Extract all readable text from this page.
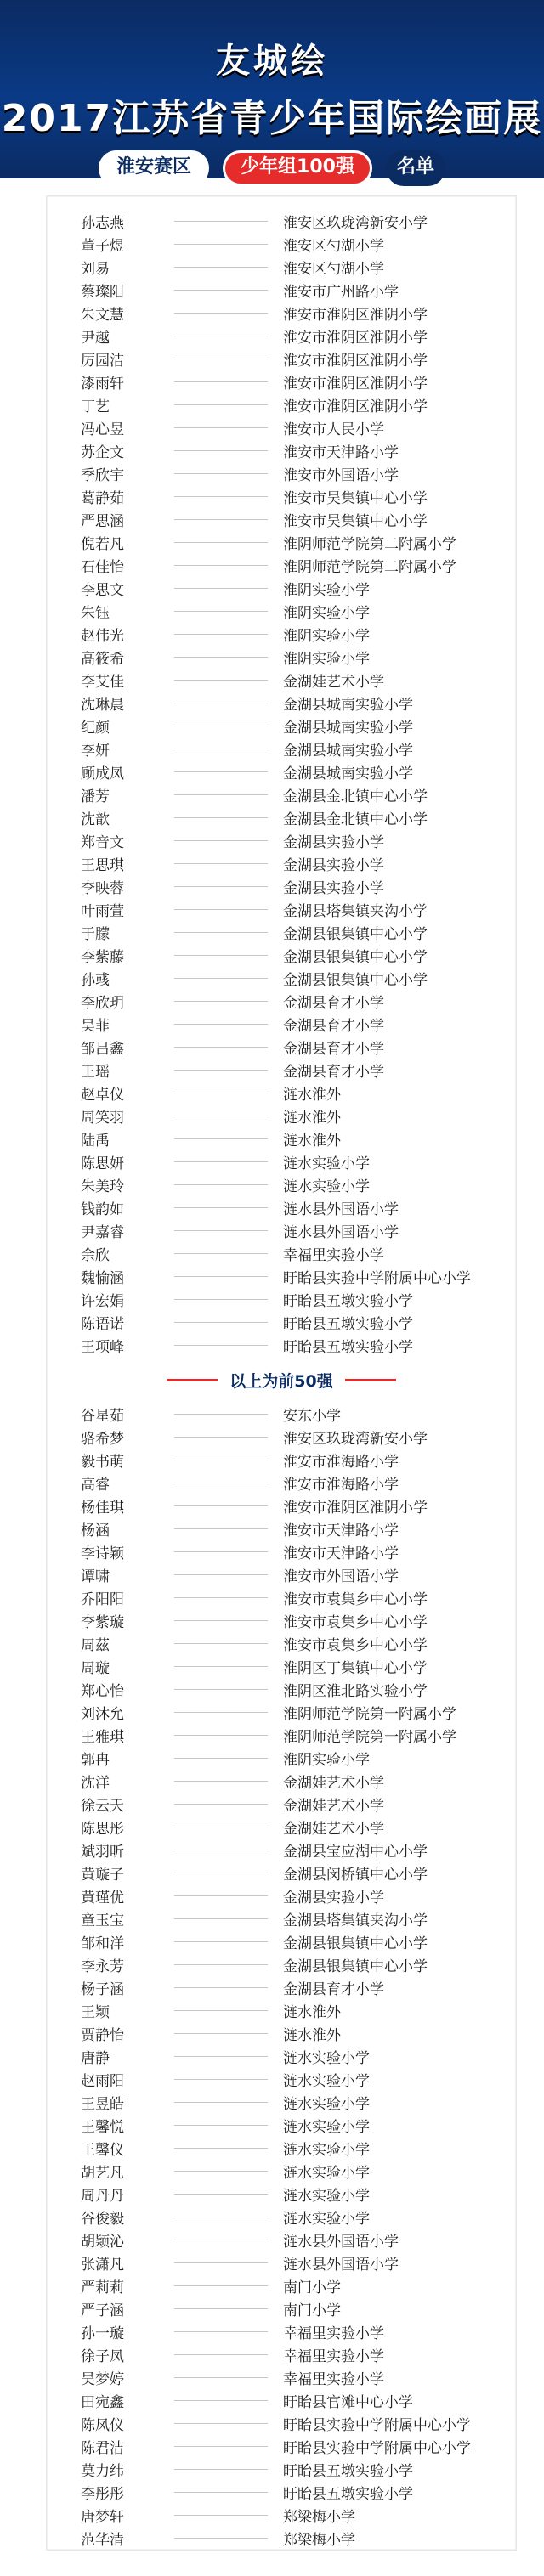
友城绘
2017江苏省青少年国际绘画展
淮安赛区	少年组100强	名单
孙志燕	淮安区玖珑湾新安小学
董子煜	淮安区勺湖小学
刘易	淮安区勺湖小学
蔡璨阳	淮安市广州路小学
朱文慧	淮安市淮阴区淮阴小学
尹越	淮安市淮阴区淮阴小学
厉园洁	淮安市淮阴区淮阴小学
漆雨轩	淮安市淮阴区淮阴小学
丁艺	淮安市淮阴区淮阴小学
冯心昱	淮安市人民小学
苏企文	淮安市天津路小学
季欣宇	淮安市外国语小学
葛静茹	淮安市吴集镇中心小学
严思涵	淮安市吴集镇中心小学
倪若凡	淮阴师范学院第二附属小学
石佳怡	淮阴师范学院第二附属小学
李思文	淮阴实验小学
朱钰	淮阴实验小学
赵伟光	淮阴实验小学
高筱希	淮阴实验小学
李艾佳	金湖娃艺术小学
沈琳晨	金湖县城南实验小学
纪颜	金湖县城南实验小学
李妍	金湖县城南实验小学
顾成凤	金湖县城南实验小学
潘芳	金湖县金北镇中心小学
沈歆	金湖县金北镇中心小学
郑音文	金湖县实验小学
王思琪	金湖县实验小学
李映蓉	金湖县实验小学
叶雨萱	金湖县塔集镇夹沟小学
于朦	金湖县银集镇中心小学
李紫藤	金湖县银集镇中心小学
孙彧	金湖县银集镇中心小学
李欣玥	金湖县育才小学
吴菲	金湖县育才小学
邹吕鑫	金湖县育才小学
王瑶	金湖县育才小学
赵卓仪	涟水淮外
周笑羽	涟水淮外
陆禹	涟水淮外
陈思妍	涟水实验小学
朱美玲	涟水实验小学
钱韵如	涟水县外国语小学
尹嘉睿	涟水县外国语小学
余欣	幸福里实验小学
魏愉涵	盱眙县实验中学附属中心小学
许宏娟	盱眙县五墩实验小学
陈语诺	盱眙县五墩实验小学
王项峰	盱眙县五墩实验小学
谷星茹	安东小学
骆希梦	淮安区玖珑湾新安小学
毅书萌	淮安市淮海路小学
高睿	淮安市淮海路小学
杨佳琪	淮安市淮阴区淮阴小学
杨涵	淮安市天津路小学
李诗颖	淮安市天津路小学
谭啸	淮安市外国语小学
乔阳阳	淮安市袁集乡中心小学
李紫璇	淮安市袁集乡中心小学
周茲	淮安市袁集乡中心小学
周璇	淮阴区丁集镇中心小学
郑心怡	淮阴区淮北路实验小学
刘沐允	淮阴师范学院第一附属小学
王雅琪	淮阴师范学院第一附属小学
郭冉	淮阴实验小学
沈洋	金湖娃艺术小学
徐云天	金湖娃艺术小学
陈思彤	金湖娃艺术小学
斌羽昕	金湖县宝应湖中心小学
黄璇子	金湖县闵桥镇中心小学
黄瑾优	金湖县实验小学
童玉宝	金湖县塔集镇夹沟小学
邹和洋	金湖县银集镇中心小学
李永芳	金湖县银集镇中心小学
杨子涵	金湖县育才小学
王颖	涟水淮外
贾静怡	涟水淮外
唐静	涟水实验小学
赵雨阳	涟水实验小学
王昱皓	涟水实验小学
王馨悦	涟水实验小学
王馨仪	涟水实验小学
胡艺凡	涟水实验小学
周丹丹	涟水实验小学
谷俊毅	涟水实验小学
胡颖沁	涟水县外国语小学
张潇凡	涟水县外国语小学
严莉莉	南门小学
严子涵	南门小学
孙一璇	幸福里实验小学
徐子凤	幸福里实验小学
吴梦婷	幸福里实验小学
田宛鑫	盱眙县官滩中心小学
陈凤仪	盱眙县实验中学附属中心小学
陈君洁	盱眙县实验中学附属中心小学
莫力纬	盱眙县五墩实验小学
李彤彤	盱眙县五墩实验小学
唐梦轩	郑梁梅小学
范华清	郑梁梅小学
以上为前50强
